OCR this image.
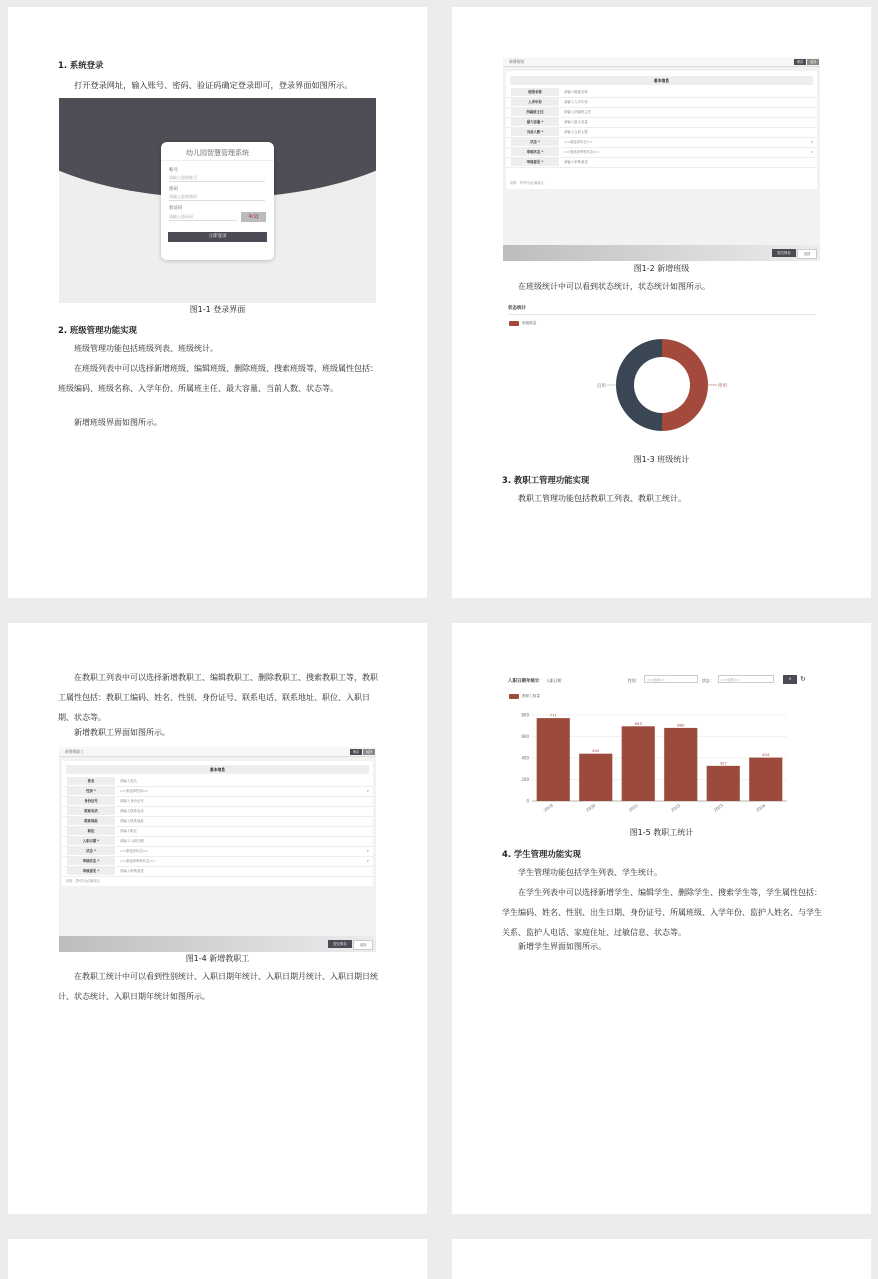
1. 系统登录
打开登录网址，输入账号、密码、验证码确定登录即可，登录界面如图所示。
幼儿园智慧管理系统
账号
请输入您的账号
密码
请输入您的密码
验证码
请输入验证码	4r2J
立即登录
图1-1 登录界面
2. 班级管理功能实现
班级管理功能包括班级列表、班级统计。
在班级列表中可以选择新增班级、编辑班级、删除班级、搜索班级等，班级属性包括：班级编码、班级名称、入学年份、所属班主任、最大容量、当前人数、状态等。
新增班级界面如图所示。
新增班级	保存	返回
基本信息
班级名称	请输入班级名称
入学年份	请输入入学年份
所属班主任	请输入所属班主任
最大容量 *	请输入最大容量
当前人数 *	请输入当前人数
状态 *	==请选择状态==	∨
审核状态 *	==请选择审核状态==	∨
审核意见 *	请输入审核意见
说明：带*的为必填项目。
提交保存	返回
图1-2 新增班级
在班级统计中可以看到状态统计，状态统计如图所示。
状态统计
班级数量
启用	停用
图1-3 班级统计
3. 教职工管理功能实现
教职工管理功能包括教职工列表、教职工统计。
在教职工列表中可以选择新增教职工、编辑教职工、删除教职工、搜索教职工等，教职工属性包括：教职工编码、姓名、性别、身份证号、联系电话、联系地址、职位、入职日期、状态等。
新增教职工界面如图所示。
新增教职工	保存	返回
基本信息
姓名	请输入姓名
性别 *	==请选择性别==	∨
身份证号	请输入身份证号
联系电话	请输入联系电话
联系地址	请输入联系地址
职位	请输入职位
入职日期 *	请输入入职日期
状态 *	==请选择状态==	∨
审核状态 *	==请选择审核状态==	∨
审核意见 *	请输入审核意见
说明：带*的为必填项目。
提交保存	返回
图1-4 新增教职工
在教职工统计中可以看到性别统计、入职日期年统计、入职日期月统计、入职日期日统计、状态统计、入职日期年统计如图所示。
入职日期年统计 入职日期：	性别：	==全部==	状态：	==全部==	⌕	↻
教职工数量
0
200
400
600
800	771
2019
440
2020
695
2021
680
2022
327
2023
404
2024
图1-5 教职工统计
4. 学生管理功能实现
学生管理功能包括学生列表、学生统计。
在学生列表中可以选择新增学生、编辑学生、删除学生、搜索学生等，学生属性包括：学生编码、姓名、性别、出生日期、身份证号、所属班级、入学年份、监护人姓名、与学生关系、监护人电话、家庭住址、过敏信息、状态等。
新增学生界面如图所示。
